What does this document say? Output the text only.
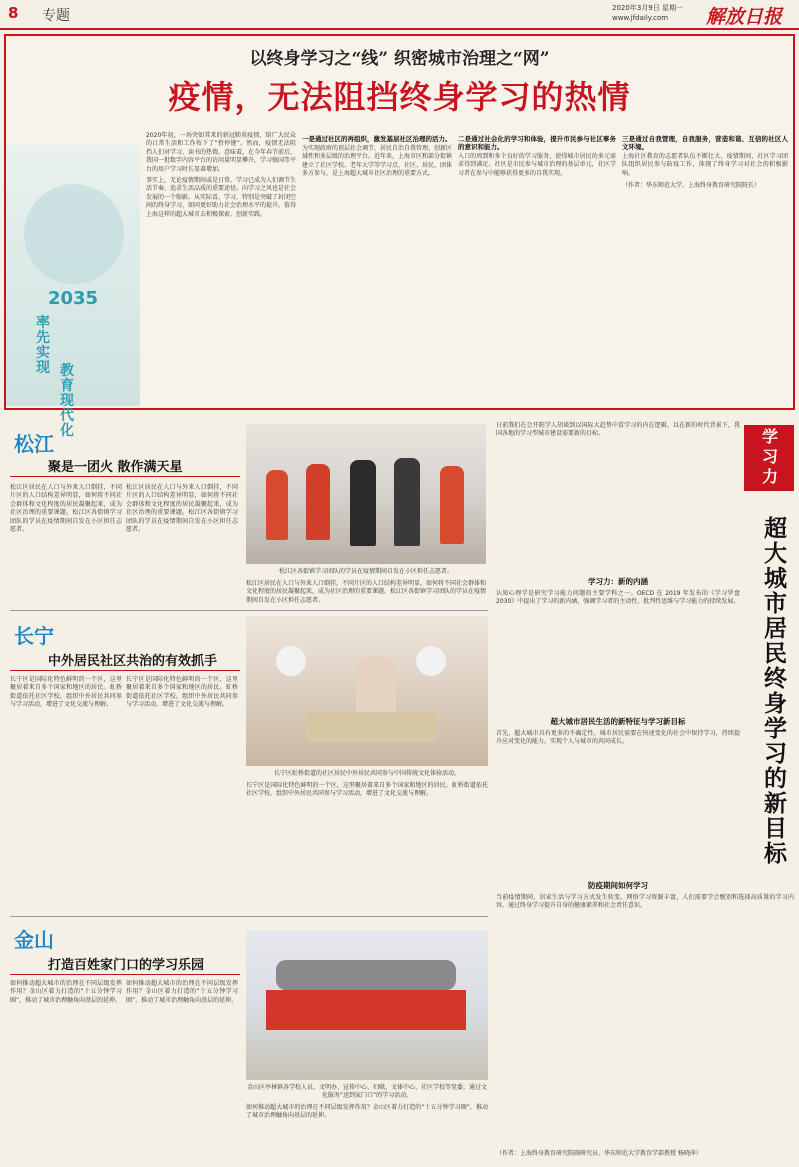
8 专题	2020年3月9日 星期一
www.jfdaily.com 解放日报
以终身学习之“线” 织密城市治理之“网”
疫情，无法阻挡终身学习的热情
2035
率先实现 教育现代化

2020年初，一场突如其来的新冠肺炎疫情，给广大民众的日常生活和工作按下了“暂停键”。然而，疫情无法阻挡人们对学习、读书的热情。意味着，在今年春节前后，我国一批数字内容平台的访问量明显攀升，学习强国等平台的用户学习时长显著增加。

事实上，无论疫情期间或是日常，学习已成为人们调节生活节奏、追求生活品质的重要途径。向学习之风也是社会发展的一个缩影。从实际看，学习，特别是突破了封闭空间的终身学习，如同更好助力社会治理水平的提升。值得上海这样的超大城市去积极探索、创新实践。

一是通过社区的再组织，激发基层社区治理的活力。

为实现政府的顶层社会调节，居民自治自我管理，创新区域性和多层级的治理平台。近年来，上海市区和部分街镇建立了社区学校、老年大学等学习点，社区、居民、团体多方参与，是上海超大城市社区治理的重要方式。

二是通过社会化的学习和体验，提升市民参与社区事务的意识和能力。

入口的周到和多个良好的学习服务，使得城市居民的多元需求得到满足。社区是市民参与城市治理的基层单元，社区学习者在参与中能够获得更多的自我实现。

三是通过自我管理，自我服务，营造和谐、互信的社区人文环境。

上海社区教育的志愿者队伍不断壮大，疫情期间，社区学习团队组织居民参与防疫工作，体现了终身学习对社会的积极影响。

（作者：华东师范大学、上海终身教育研究院院长）

松江
聚是一团火 散作满天星

松江区居民在人口与外来人口倒挂，不同片区的人口结构差异明显，如何将不同社会群体和文化程度的居民凝聚起来，成为社区治理的重要课题。松江区各街镇学习团队的学员在疫情期间自发在小区担任志愿者。

松江区居民在人口与外来人口倒挂，不同片区的人口结构差异明显，如何将不同社会群体和文化程度的居民凝聚起来，成为社区治理的重要课题。松江区各街镇学习团队的学员在疫情期间自发在小区担任志愿者。

松江区各街镇学习团队的学员在疫情期间自发在小区担任志愿者。

松江区居民在人口与外来人口倒挂，不同片区的人口结构差异明显，如何将不同社会群体和文化程度的居民凝聚起来，成为社区治理的重要课题。松江区各街镇学习团队的学员在疫情期间自发在小区担任志愿者。

长宁
中外居民社区共治的有效抓手

长宁区是国际化特色鲜明的一个区，这里聚居着来自多个国家和地区的居民。虹桥街道依托社区学校，组织中外居民共同参与学习活动，增进了文化交流与理解。

长宁区是国际化特色鲜明的一个区，这里聚居着来自多个国家和地区的居民。虹桥街道依托社区学校，组织中外居民共同参与学习活动，增进了文化交流与理解。

长宁区虹桥街道的社区居民中外居民共同参与中国传统文化体验活动。

长宁区是国际化特色鲜明的一个区，这里聚居着来自多个国家和地区的居民。虹桥街道依托社区学校，组织中外居民共同参与学习活动，增进了文化交流与理解。

金山
打造百姓家门口的学习乐园

如何推动超大城市的治理在不同层级发挥作用？金山区着力打造的“十五分钟学习圈”，推动了城市治理触角向基层的延伸。

如何推动超大城市的治理在不同层级发挥作用？金山区着力打造的“十五分钟学习圈”，推动了城市治理触角向基层的延伸。

金山区亭林镇各学校人员、文明办、宣传中心、妇联、文体中心、社区学校等党委、通过文化服务“送到家门口”的学习活动。

如何推动超大城市的治理在不同层级发挥作用？金山区着力打造的“十五分钟学习圈”，推动了城市治理触角向基层的延伸。

日前我们在会开院学人胡谈到以国际大趋势中看学习的内在逻辑，以在新的时代背景下，我国各地的学习型城市建设需要新的目标。

学习力：新的内涵

认知心理学是研究学习能力问题的主要学科之一。OECD 在 2019 年发布的《学习罗盘 2030》中提出了学习的新内涵，强调学习者的主动性、批判性思维与学习能力的持续发展。

超大城市居民生活的新特征与学习新目标

首先，超大城市具有更多的不确定性。城市居民需要在快速变化的社会中保持学习，持续提升应对变化的能力，实现个人与城市的共同成长。

防疫期间如何学习

当前疫情期间，居家生活与学习方式发生转变，网络学习资源丰富，人们需要学会甄别和选择高质量的学习内容，通过终身学习提升自身的健康素养和社会责任意识。

（作者：上海终身教育研究院副研究员、华东师范大学教育学部教授 杨晓萍）

学习力
超大城市居民终身学习的新目标
